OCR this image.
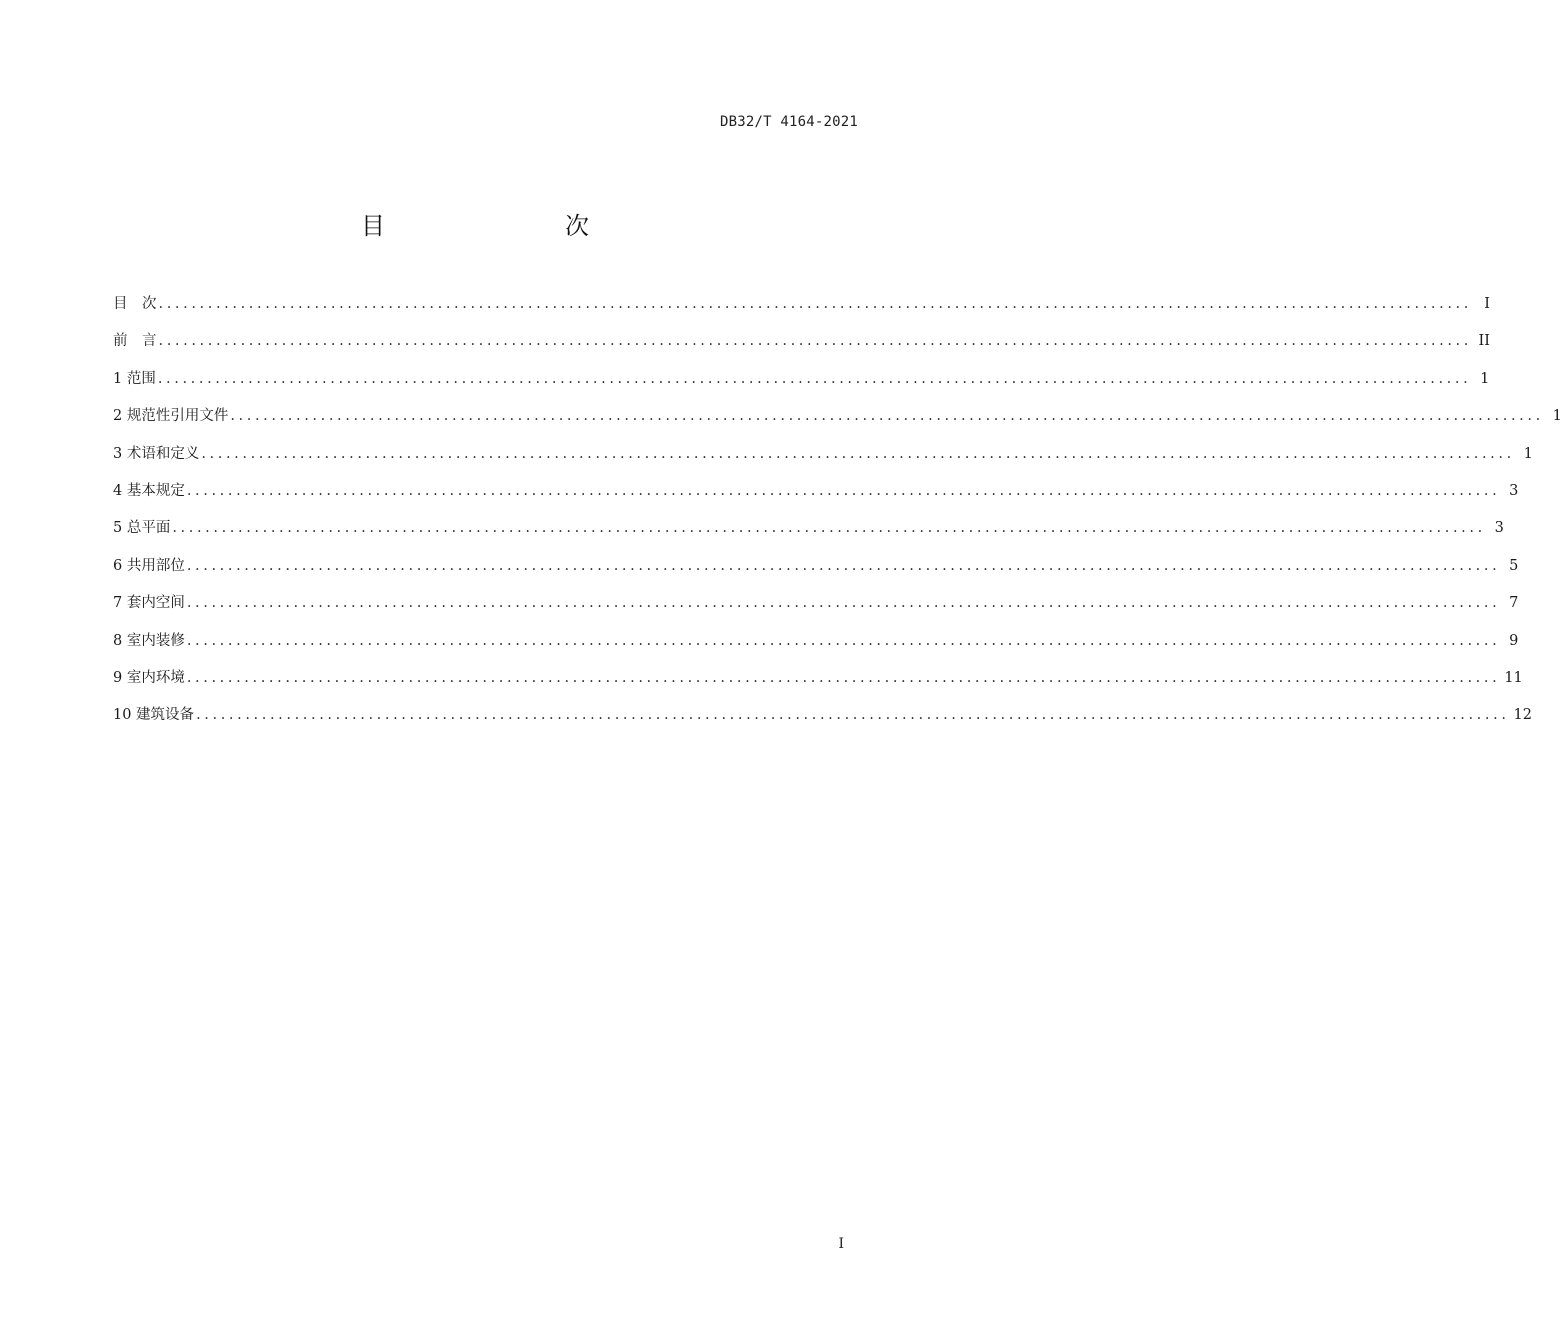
DB32/T 4164-2021
目　　次
目　次 ................................................................................................................................................................ I
前　言 ................................................................................................................................................................ II
1 范围 ................................................................................................................................................................ 1
2 规范性引用文件 ................................................................................................................................................................ 1
3 术语和定义 ................................................................................................................................................................ 1
4 基本规定 ................................................................................................................................................................ 3
5 总平面 ................................................................................................................................................................ 3
6 共用部位 ................................................................................................................................................................ 5
7 套内空间 ................................................................................................................................................................ 7
8 室内装修 ................................................................................................................................................................ 9
9 室内环境 ................................................................................................................................................................ 11
10 建筑设备 ................................................................................................................................................................ 12
I
